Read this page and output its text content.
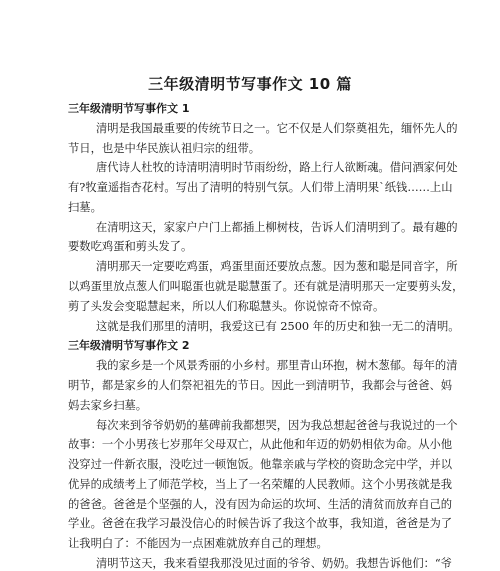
三年级清明节写事作文 10 篇
三年级清明节写事作文 1
清明是我国最重要的传统节日之一。它不仅是人们祭奠祖先，缅怀先人的
节日，也是中华民族认祖归宗的纽带。
唐代诗人杜牧的诗清明清明时节雨纷纷，路上行人欲断魂。借问酒家何处
有?牧童遥指杏花村。写出了清明的特别气氛。人们带上清明果`纸钱……上山
扫墓。
在清明这天，家家户户门上都插上柳树枝，告诉人们清明到了。最有趣的
要数吃鸡蛋和剪头发了。
清明那天一定要吃鸡蛋，鸡蛋里面还要放点葱。因为葱和聪是同音字，所
以鸡蛋里放点葱人们叫聪蛋也就是聪慧蛋了。还有就是清明那天一定要剪头发，
剪了头发会变聪慧起来，所以人们称聪慧头。你说惊奇不惊奇。
这就是我们那里的清明，我爱这已有 2500 年的历史和独一无二的清明。
三年级清明节写事作文 2
我的家乡是一个风景秀丽的小乡村。那里青山环抱，树木葱郁。每年的清
明节，都是家乡的人们祭祀祖先的节日。因此一到清明节，我都会与爸爸、妈
妈去家乡扫墓。
每次来到爷爷奶奶的墓碑前我都想哭，因为我总想起爸爸与我说过的一个
故事：一个小男孩七岁那年父母双亡，从此他和年迈的奶奶相依为命。从小他
没穿过一件新衣服，没吃过一顿饱饭。他靠亲戚与学校的资助念完中学，并以
优异的成绩考上了师范学校，当上了一名荣耀的人民教师。这个小男孩就是我
的爸爸。爸爸是个坚强的人，没有因为命运的坎坷、生活的清贫而放弃自己的
学业。爸爸在我学习最没信心的时候告诉了我这个故事，我知道，爸爸是为了
让我明白了：不能因为一点困难就放弃自己的理想。
清明节这天，我来看望我那没见过面的爷爷、奶奶。我想告诉他们：“爷
